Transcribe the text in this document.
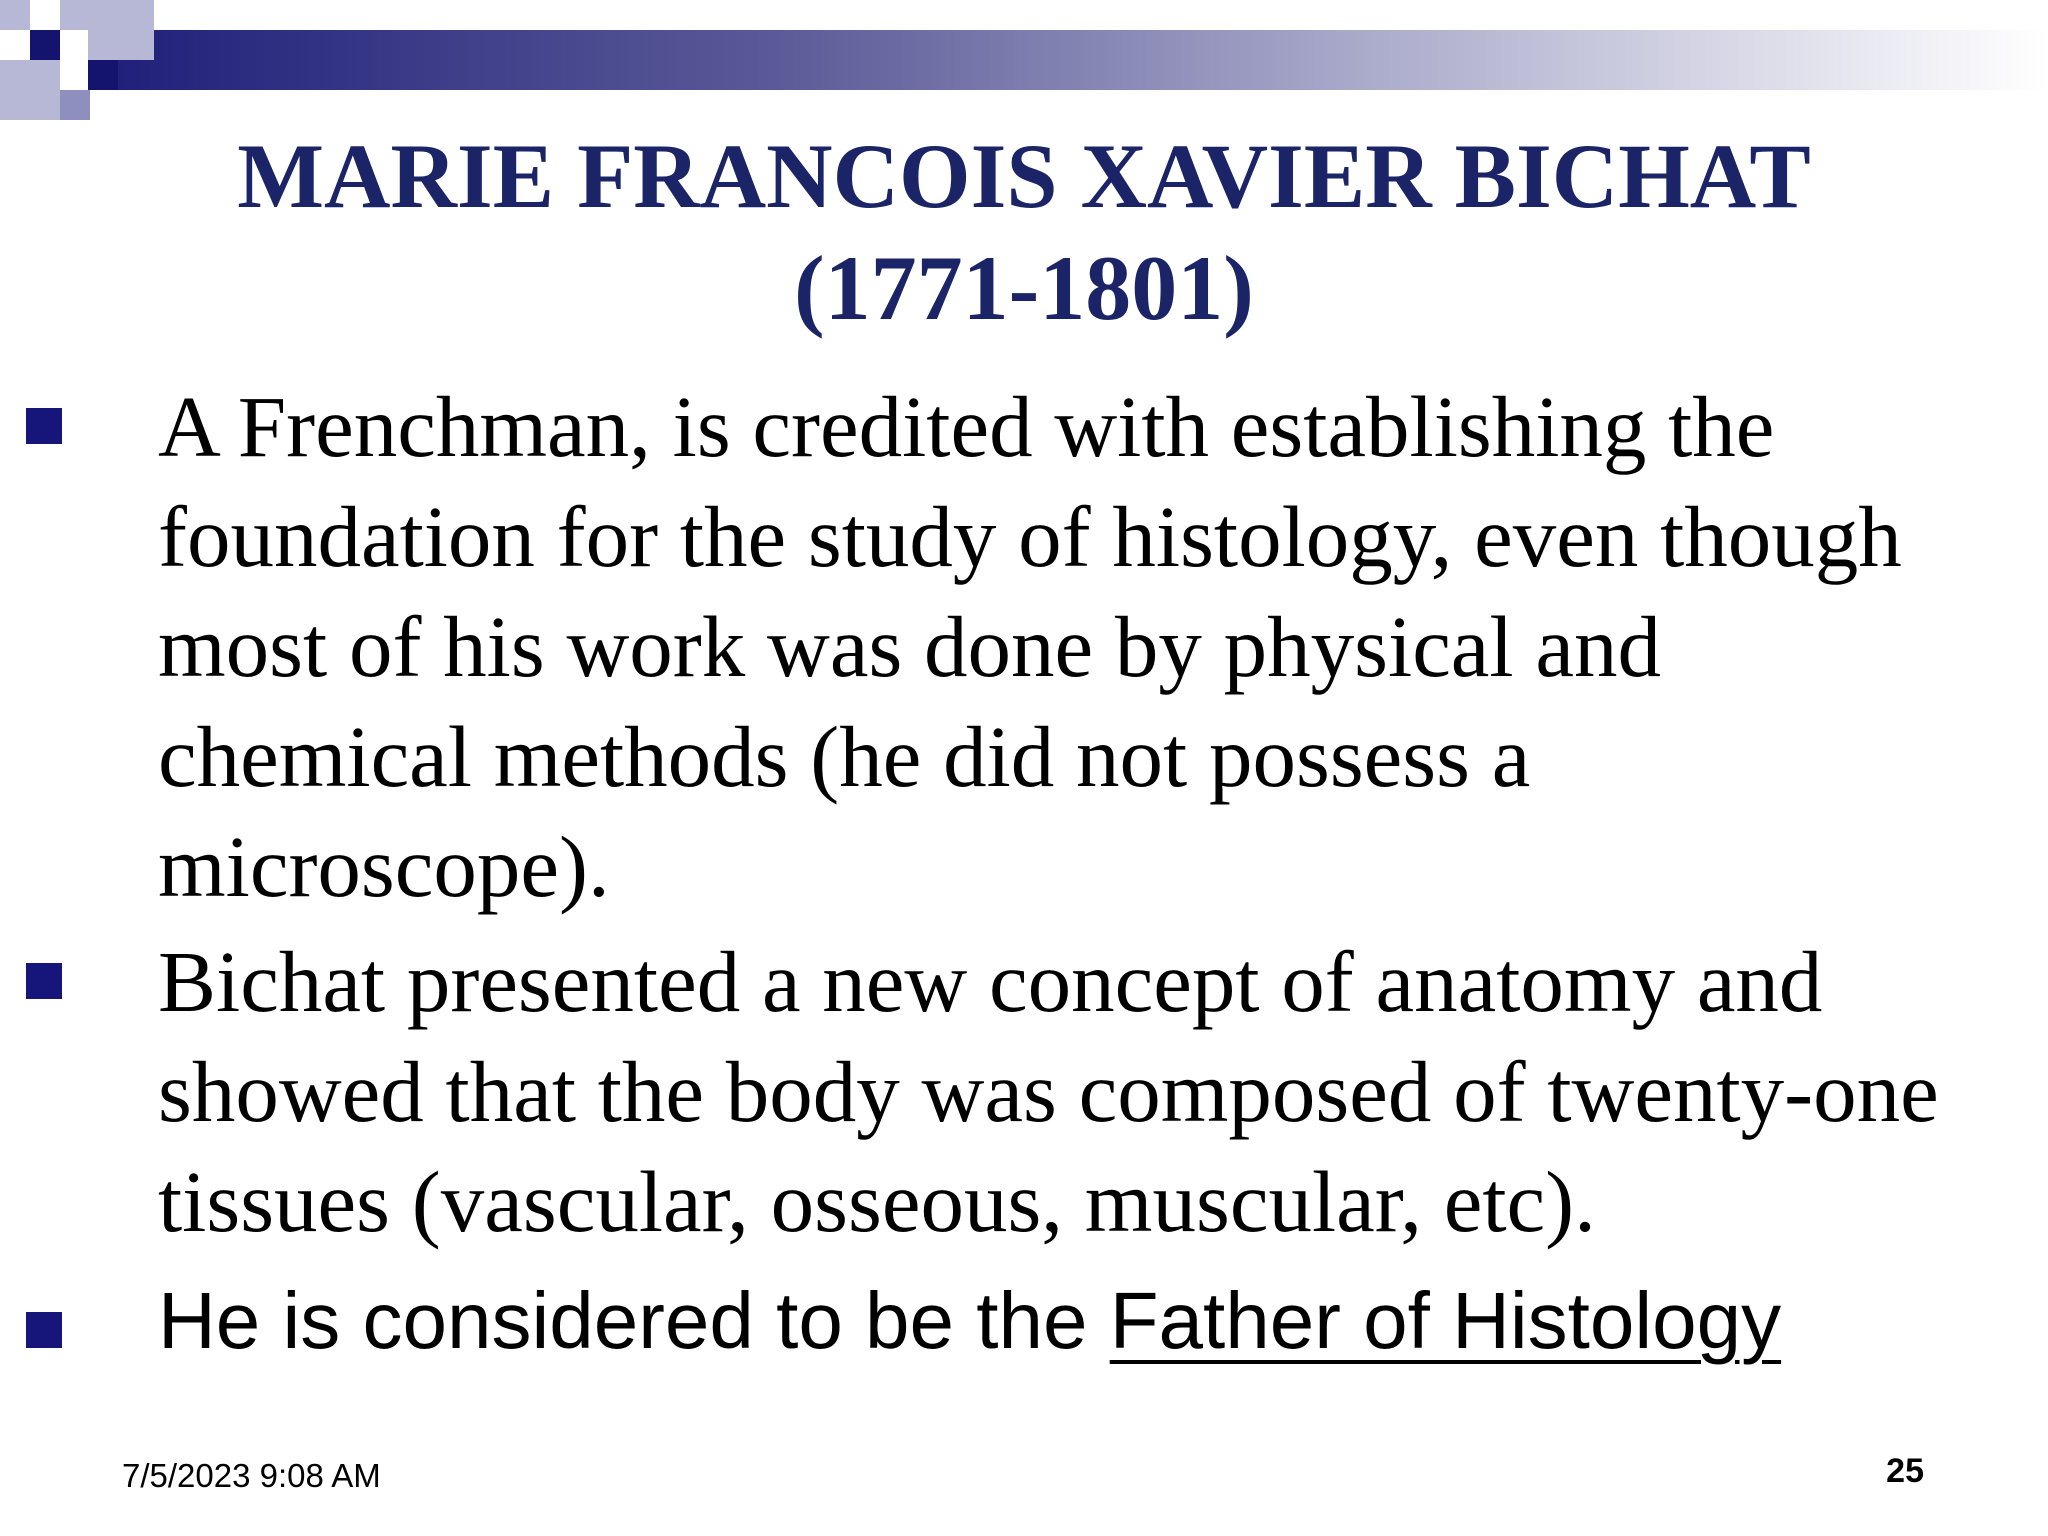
MARIE FRANCOIS XAVIER BICHAT
(1771-1801)
A Frenchman, is credited with establishing the foundation for the study of histology, even though most of his work was done by physical and chemical methods (he did not possess a microscope).
Bichat presented a new concept of anatomy and showed that the body was composed of twenty-one tissues (vascular, osseous, muscular, etc).
He is considered to be the Father of Histology
7/5/2023 9:08 AM	25
